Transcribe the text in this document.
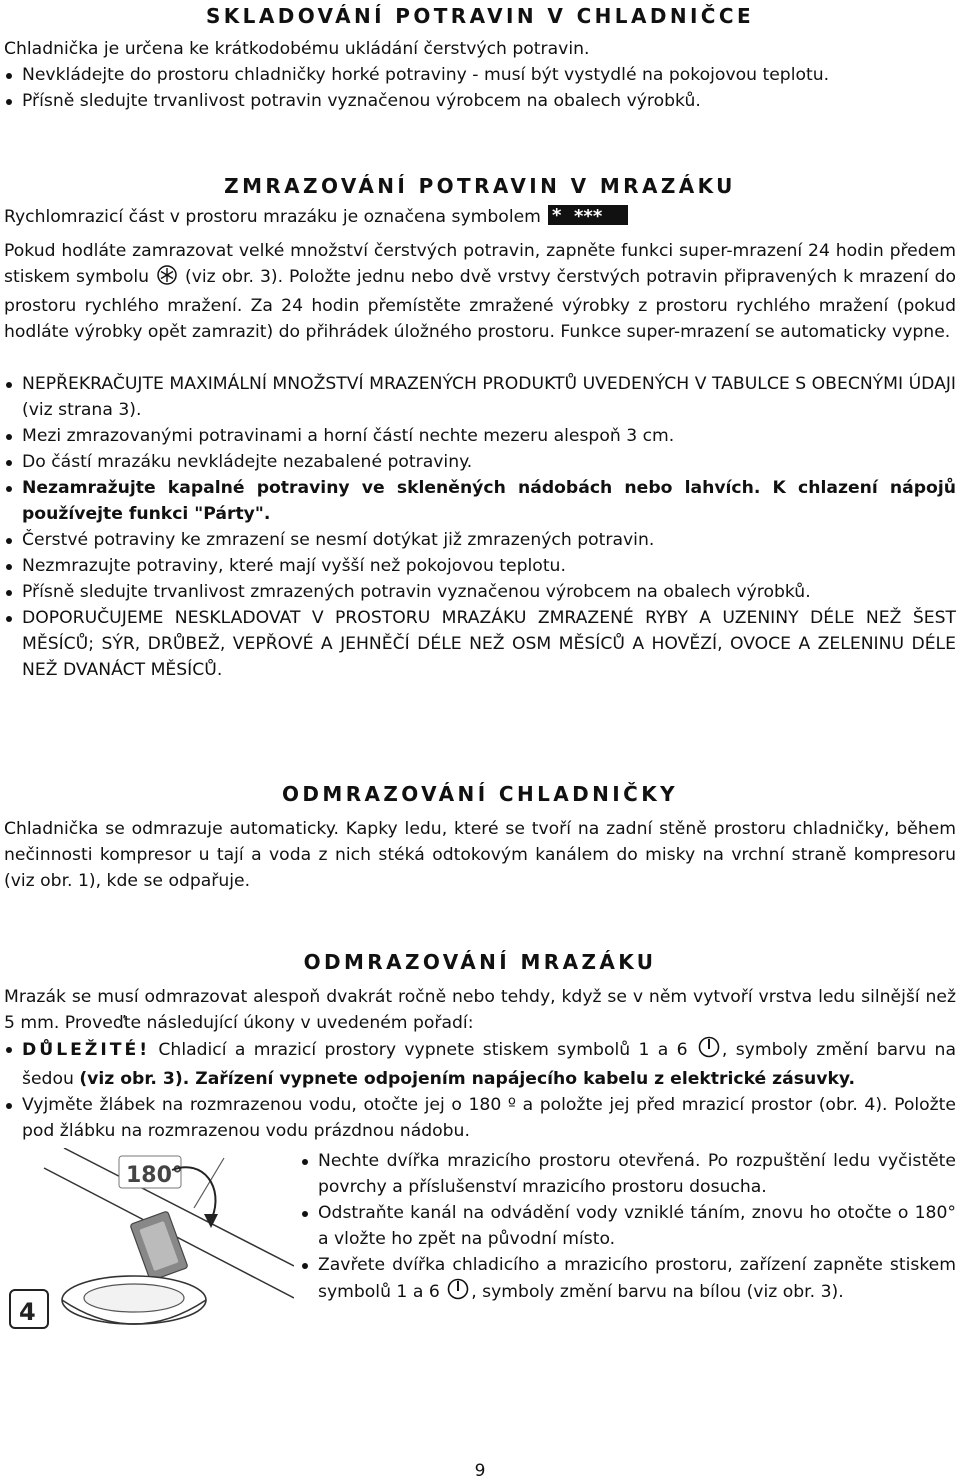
SKLADOVÁNÍ POTRAVIN V CHLADNIČCE

Chladnička je určena ke krátkodobému ukládání čerstvých potravin.

Nevkládejte do prostoru chladničky horké potraviny - musí být vystydlé na pokojovou teplotu.
Přísně sledujte trvanlivost potravin vyznačenou výrobcem na obalech výrobků.
ZMRAZOVÁNÍ POTRAVIN V MRAZÁKU

Rychlomrazicí část v prostoru mrazáku je označena symbolem * ***

Pokud hodláte zamrazovat velké množství čerstvých potravin, zapněte funkci super-mrazení 24 hodin předem stiskem symbolu (viz obr. 3). Položte jednu nebo dvě vrstvy čerstvých potravin připravených k mrazení do prostoru rychlého mražení. Za 24 hodin přemístěte zmražené výrobky z prostoru rychlého mražení (pokud hodláte výrobky opět zamrazit) do přihrádek úložného prostoru. Funkce super-mrazení se automaticky vypne.

NEPŘEKRAČUJTE MAXIMÁLNÍ MNOŽSTVÍ MRAZENÝCH PRODUKTŮ UVEDENÝCH V TABULCE S OBECNÝMI ÚDAJI (viz strana 3).
Mezi zmrazovanými potravinami a horní částí nechte mezeru alespoň 3 cm.
Do částí mrazáku nevkládejte nezabalené potraviny.
Nezamražujte kapalné potraviny ve skleněných nádobách nebo lahvích. K chlazení nápojů používejte funkci "Párty".
Čerstvé potraviny ke zmrazení se nesmí dotýkat již zmrazených potravin.
Nezmrazujte potraviny, které mají vyšší než pokojovou teplotu.
Přísně sledujte trvanlivost zmrazených potravin vyznačenou výrobcem na obalech výrobků.
DOPORUČUJEME NESKLADOVAT V PROSTORU MRAZÁKU ZMRAZENÉ RYBY A UZENINY DÉLE NEŽ ŠEST MĚSÍCŮ; SÝR, DRŮBEŽ, VEPŘOVÉ A JEHNĚČÍ DÉLE NEŽ OSM MĚSÍCŮ A HOVĚZÍ, OVOCE A ZELENINU DÉLE NEŽ DVANÁCT MĚSÍCŮ.
ODMRAZOVÁNÍ CHLADNIČKY

Chladnička se odmrazuje automaticky. Kapky ledu, které se tvoří na zadní stěně prostoru chladničky, během nečinnosti kompresor u tají a voda z nich stéká odtokovým kanálem do misky na vrchní straně kompresoru (viz obr. 1), kde se odpařuje.

ODMRAZOVÁNÍ MRAZÁKU

Mrazák se musí odmrazovat alespoň dvakrát ročně nebo tehdy, když se v něm vytvoří vrstva ledu silnější než 5 mm. Proveďte následující úkony v uvedeném pořadí:

DŮLEŽITÉ! Chladicí a mrazicí prostory vypnete stiskem symbolů 1 a 6 , symboly změní barvu na šedou (viz obr. 3). Zařízení vypnete odpojením napájecího kabelu z elektrické zásuvky.
Vyjměte žlábek na rozmrazenou vodu, otočte jej o 180 º a položte jej před mrazicí prostor (obr. 4). Položte pod žlábku na rozmrazenou vodu prázdnou nádobu.
180°
4
Nechte dvířka mrazicího prostoru otevřená. Po rozpuštění ledu vyčistěte povrchy a příslušenství mrazicího prostoru dosucha.
Odstraňte kanál na odvádění vody vzniklé táním, znovu ho otočte o 180° a vložte ho zpět na původní místo.
Zavřete dvířka chladicího a mrazicího prostoru, zařízení zapněte stiskem symbolů 1 a 6 , symboly změní barvu na bílou (viz obr. 3).
9
